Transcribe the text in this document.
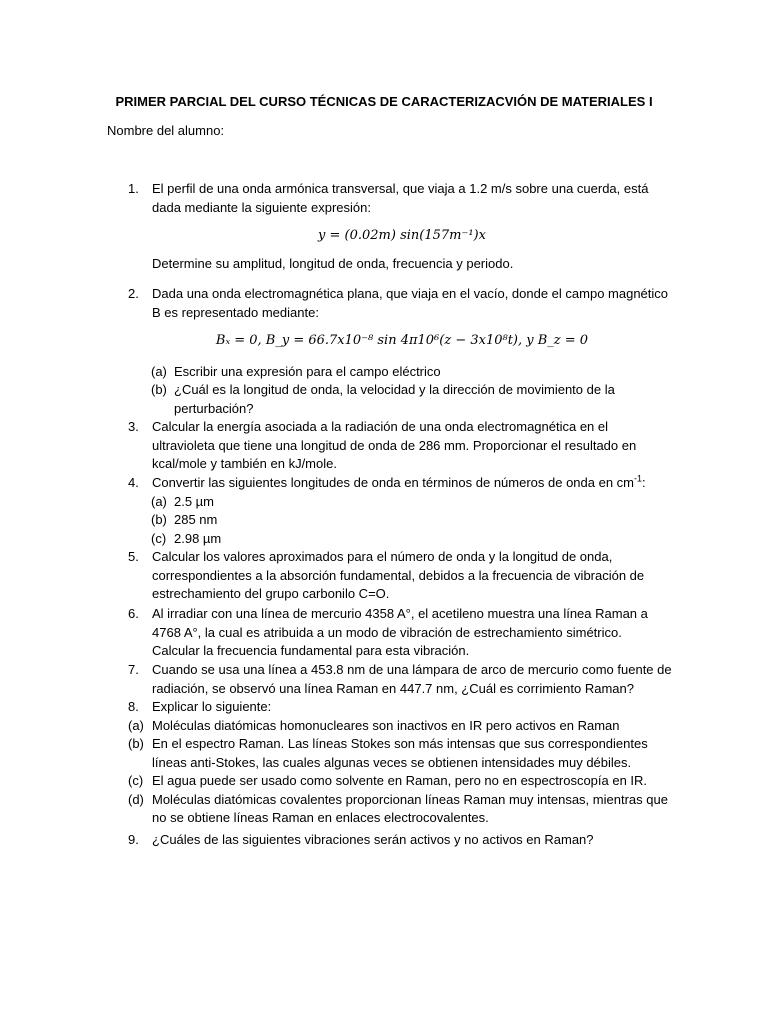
PRIMER PARCIAL DEL CURSO TÉCNICAS DE CARACTERIZACVIÓN DE MATERIALES I
Nombre del alumno:
1. El perfil de una onda armónica transversal, que viaja a 1.2 m/s sobre una cuerda, está dada mediante la siguiente expresión:
y = (0.02m) sin(157m⁻¹)x
Determine su amplitud, longitud de onda, frecuencia y periodo.
2. Dada una onda electromagnética plana, que viaja en el vacío, donde el campo magnético B es representado mediante:
Bₓ = 0, B_y = 66.7x10⁻⁸ sin 4π10⁶(z − 3x10⁸t), y B_z = 0
(a) Escribir una expresión para el campo eléctrico
(b) ¿Cuál es la longitud de onda, la velocidad y la dirección de movimiento de la perturbación?
3. Calcular la energía asociada a la radiación de una onda electromagnética en el ultravioleta que tiene una longitud de onda de 286 mm. Proporcionar el resultado en kcal/mole y también en kJ/mole.
4. Convertir las siguientes longitudes de onda en términos de números de onda en $cm^{-1}$:
(a) 2.5 µm
(b) 285 nm
(c) 2.98 µm
5. Calcular los valores aproximados para el número de onda y la longitud de onda, correspondientes a la absorción fundamental, debidos a la frecuencia de vibración de estrechamiento del grupo carbonilo C=O.
6. Al irradiar con una línea de mercurio 4358 A°, el acetileno muestra una línea Raman a 4768 A°, la cual es atribuida a un modo de vibración de estrechamiento simétrico. Calcular la frecuencia fundamental para esta vibración.
7. Cuando se usa una línea a 453.8 nm de una lámpara de arco de mercurio como fuente de radiación, se observó una línea Raman en 447.7 nm, ¿Cuál es corrimiento Raman?
8. Explicar lo siguiente:
(a) Moléculas diatómicas homonucleares son inactivos en IR pero activos en Raman
(b) En el espectro Raman. Las líneas Stokes son más intensas que sus correspondientes líneas anti-Stokes, las cuales algunas veces se obtienen intensidades muy débiles.
(c) El agua puede ser usado como solvente en Raman, pero no en espectroscopía en IR.
(d) Moléculas diatómicas covalentes proporcionan líneas Raman muy intensas, mientras que no se obtiene líneas Raman en enlaces electrocovalentes.
9. ¿Cuáles de las siguientes vibraciones serán activos y no activos en Raman?
